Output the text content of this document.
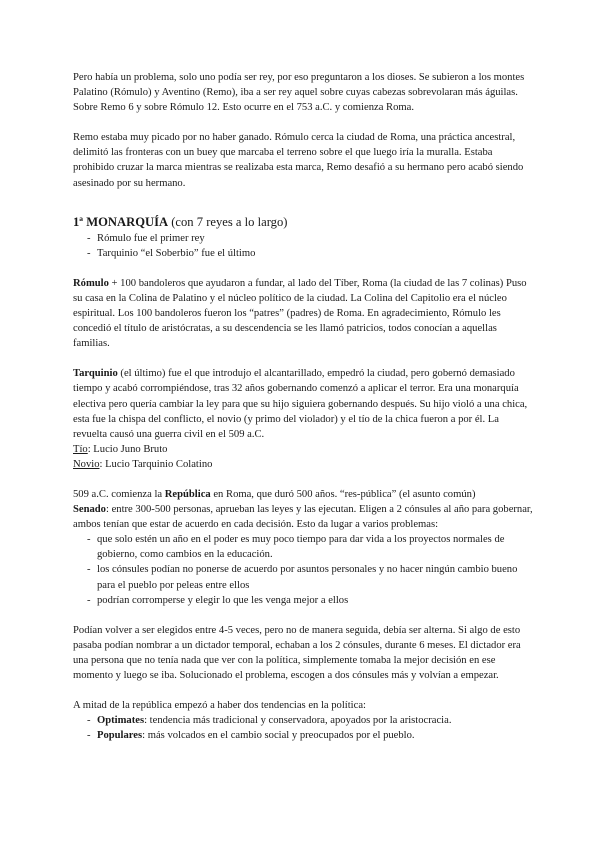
Pero había un problema, solo uno podía ser rey, por eso preguntaron a los dioses. Se subieron a los montes Palatino (Rómulo) y Aventino (Remo), iba a ser rey aquel sobre cuyas cabezas sobrevolaran más águilas. Sobre Remo 6 y sobre Rómulo 12. Esto ocurre en el 753 a.C. y comienza Roma.

Remo estaba muy picado por no haber ganado. Rómulo cerca la ciudad de Roma, una práctica ancestral, delimitó las fronteras con un buey que marcaba el terreno sobre el que luego iría la muralla. Estaba prohibido cruzar la marca mientras se realizaba esta marca, Remo desafió a su hermano pero acabó siendo asesinado por su hermano.

1ª MONARQUÍA (con 7 reyes a lo largo)

- Rómulo fue el primer rey
- Tarquinio “el Soberbio” fue el último

Rómulo + 100 bandoleros que ayudaron a fundar, al lado del Tíber, Roma (la ciudad de las 7 colinas) Puso su casa en la Colina de Palatino y el núcleo político de la ciudad. La Colina del Capitolio era el núcleo espiritual. Los 100 bandoleros fueron los “patres” (padres) de Roma. En agradecimiento, Rómulo les concedió el título de aristócratas, a su descendencia se les llamó patricios, todos conocían a aquellas familias.

Tarquinio (el último) fue el que introdujo el alcantarillado, empedró la ciudad, pero gobernó demasiado tiempo y acabó corrompiéndose, tras 32 años gobernando comenzó a aplicar el terror. Era una monarquía electiva pero quería cambiar la ley para que su hijo siguiera gobernando después. Su hijo violó a una chica, esta fue la chispa del conflicto, el novio (y primo del violador) y el tío de la chica fueron a por él. La revuelta causó una guerra civil en el 509 a.C.

Tío: Lucio Juno Bruto

Novio: Lucio Tarquinio Colatino

509 a.C. comienza la República en Roma, que duró 500 años. “res-pública” (el asunto común)

Senado: entre 300-500 personas, aprueban las leyes y las ejecutan. Eligen a 2 cónsules al año para gobernar, ambos tenían que estar de acuerdo en cada decisión. Esto da lugar a varios problemas:

- que solo estén un año en el poder es muy poco tiempo para dar vida a los proyectos normales de gobierno, como cambios en la educación.
- los cónsules podían no ponerse de acuerdo por asuntos personales y no hacer ningún cambio bueno para el pueblo por peleas entre ellos
- podrían corromperse y elegir lo que les venga mejor a ellos

Podían volver a ser elegidos entre 4-5 veces, pero no de manera seguida, debía ser alterna. Si algo de esto pasaba podían nombrar a un dictador temporal, echaban a los 2 cónsules, durante 6 meses. El dictador era una persona que no tenía nada que ver con la política, simplemente tomaba la mejor decisión en ese momento y luego se iba. Solucionado el problema, escogen a dos cónsules más y volvían a empezar.

A mitad de la república empezó a haber dos tendencias en la política:

- Optimates: tendencia más tradicional y conservadora, apoyados por la aristocracia.
- Populares: más volcados en el cambio social y preocupados por el pueblo.
